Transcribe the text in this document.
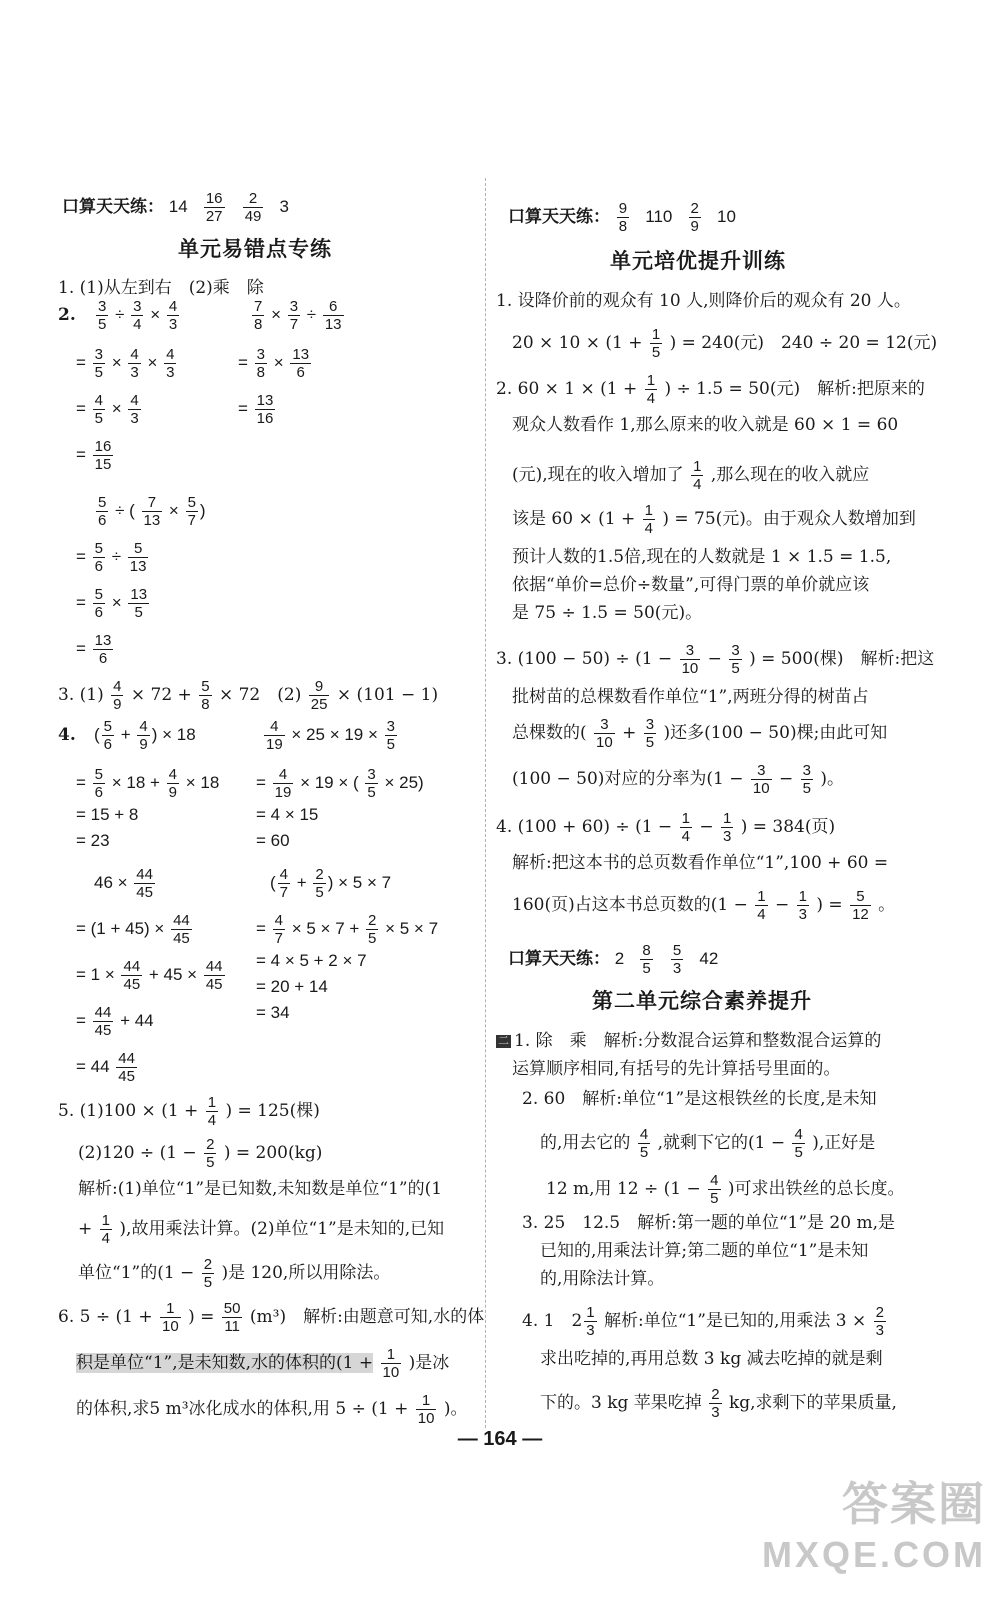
口算天天练： $14 \frac{16}{27}$
$\frac{2}{49} 3$
单元易错点专练
1. (1)从左到右　(2)乘　除
2. $\frac{3}{5} \div \frac{3}{4} \times \frac{4}{3}$
= $\frac{3}{5} \times \frac{4}{3} \times \frac{4}{3}$
= $\frac{4}{5} \times \frac{4}{3}$
= $\frac{16}{15}$
$\frac{7}{8} \times \frac{3}{7} \div \frac{6}{13}$
= $\frac{3}{8} \times \frac{13}{6}$
= $\frac{13}{16}$
$\frac{5}{6}$ ÷ ( $\frac{7}{13} \times \frac{5}{7}$ )
= $\frac{5}{6} \div \frac{5}{13}$
= $\frac{5}{6} \times \frac{13}{5}$
= $\frac{13}{6}$
3. $(1) \frac{4}{9} \times 72 + \frac{5}{8} \times 72$　$(2) \frac{9}{25} \times (101 - 1)$
4. ( $\frac{5}{6} + \frac{4}{9}$ ) × 18
= $\frac{5}{6} \times 18 + \frac{4}{9} \times 18$
= 15 + 8
= 23
$\frac{4}{19} \times 25 \times 19 \times \frac{3}{5}$
= $\frac{4}{19} \times 19$ × ( $\frac{3}{5} \times 25$)
= 4 × 15
= 60
$46 \times \frac{44}{45}$
= $(1 + 45) \times \frac{44}{45}$
= $1 \times \frac{44}{45} + 45 \times \frac{44}{45}$
= $\frac{44}{45} + 44$
= $44 \frac{44}{45}$
( $\frac{4}{7} + \frac{2}{5}$ ) × 5 × 7
= $\frac{4}{7} \times 5 \times 7 + \frac{2}{5} \times 5 \times 7$
= 4 × 5 + 2 × 7
= 20 + 14
= 34
5. $(1)100 \times (1 + \frac{1}{4}$ ) = 125(棵)
$(2)120 \div (1 - \frac{2}{5}$ ) = 200(kg)
解析:(1)单位“1”是已知数,未知数是单位“1”的(1
+ $\frac{1}{4}$ ),故用乘法计算。(2)单位“1”是未知的,已知
单位“1”的($1 - \frac{2}{5}$ )是 120,所以用除法。
6. $5 \div (1 + \frac{1}{10}$ ) = $\frac{50}{11} (m^3)$　解析:由题意可知,水的体
积是单位“1”,是未知数,水的体积的($1 + \frac{1}{10}$ )是冰
的体积,求5 m³冰化成水的体积,用 $5 \div (1 + \frac{1}{10}$ )。
口算天天练： $\frac{9}{8} 110 \frac{2}{9} 10$
单元培优提升训练
1. 设降价前的观众有 10 人,则降价后的观众有 20 人。
$20 \times 10 \times (1 + \frac{1}{5}$ ) = 240(元)　240 ÷ 20 = 12(元)
2. $60 \times 1 \times (1 + \frac{1}{4}$ ) ÷ 1.5 = 50(元)　解析:把原来的
观众人数看作 1,那么原来的收入就是 60 × 1 = 60
(元),现在的收入增加了 $\frac{1}{4}$ ,那么现在的收入就应
该是 $60 \times (1 + \frac{1}{4}$ ) = 75(元)。由于观众人数增加到
预计人数的1.5倍,现在的人数就是 1 × 1.5 = 1.5,
依据“单价=总价÷数量”,可得门票的单价就应该
是 75 ÷ 1.5 = 50(元)。
3. $(100 - 50) \div (1 - \frac{3}{10} - \frac{3}{5}$ ) = 500(棵)　解析:把这
批树苗的总棵数看作单位“1”,两班分得的树苗占
总棵数的( $\frac{3}{10} + \frac{3}{5}$ )还多(100 − 50)棵;由此可知
(100 − 50)对应的分率为($1 - \frac{3}{10} - \frac{3}{5}$ )。
4. $(100 + 60) \div (1 - \frac{1}{4} - \frac{1}{3}$ ) = 384(页)
解析:把这本书的总页数看作单位“1”,100 + 60 =
160(页)占这本书总页数的($1 - \frac{1}{4} - \frac{1}{3}$ ) = $\frac{5}{12}$ 。
口算天天练： $2 \frac{8}{5}$
$\frac{5}{3} 42$
第二单元综合素养提升
二 1. 除　乘　解析:分数混合运算和整数混合运算的
运算顺序相同,有括号的先计算括号里面的。
2. 60　解析:单位“1”是这根铁丝的长度,是未知
的,用去它的 $\frac{4}{5}$ ,就剩下它的($1 - \frac{4}{5}$ ),正好是
12 m,用 $12 \div (1 - \frac{4}{5}$ )可求出铁丝的总长度。
3. 25　12.5　解析:第一题的单位“1”是 20 m,是
已知的,用乘法计算;第二题的单位“1”是未知
的,用除法计算。
4. 1　$2 \frac{1}{3}$ 解析:单位“1”是已知的,用乘法 $3 \times \frac{2}{3}$
求出吃掉的,再用总数 3 kg 减去吃掉的就是剩
下的。3 kg 苹果吃掉 $\frac{2}{3}$ kg,求剩下的苹果质量,
— 164 —
答案圈
MXQE.COM
